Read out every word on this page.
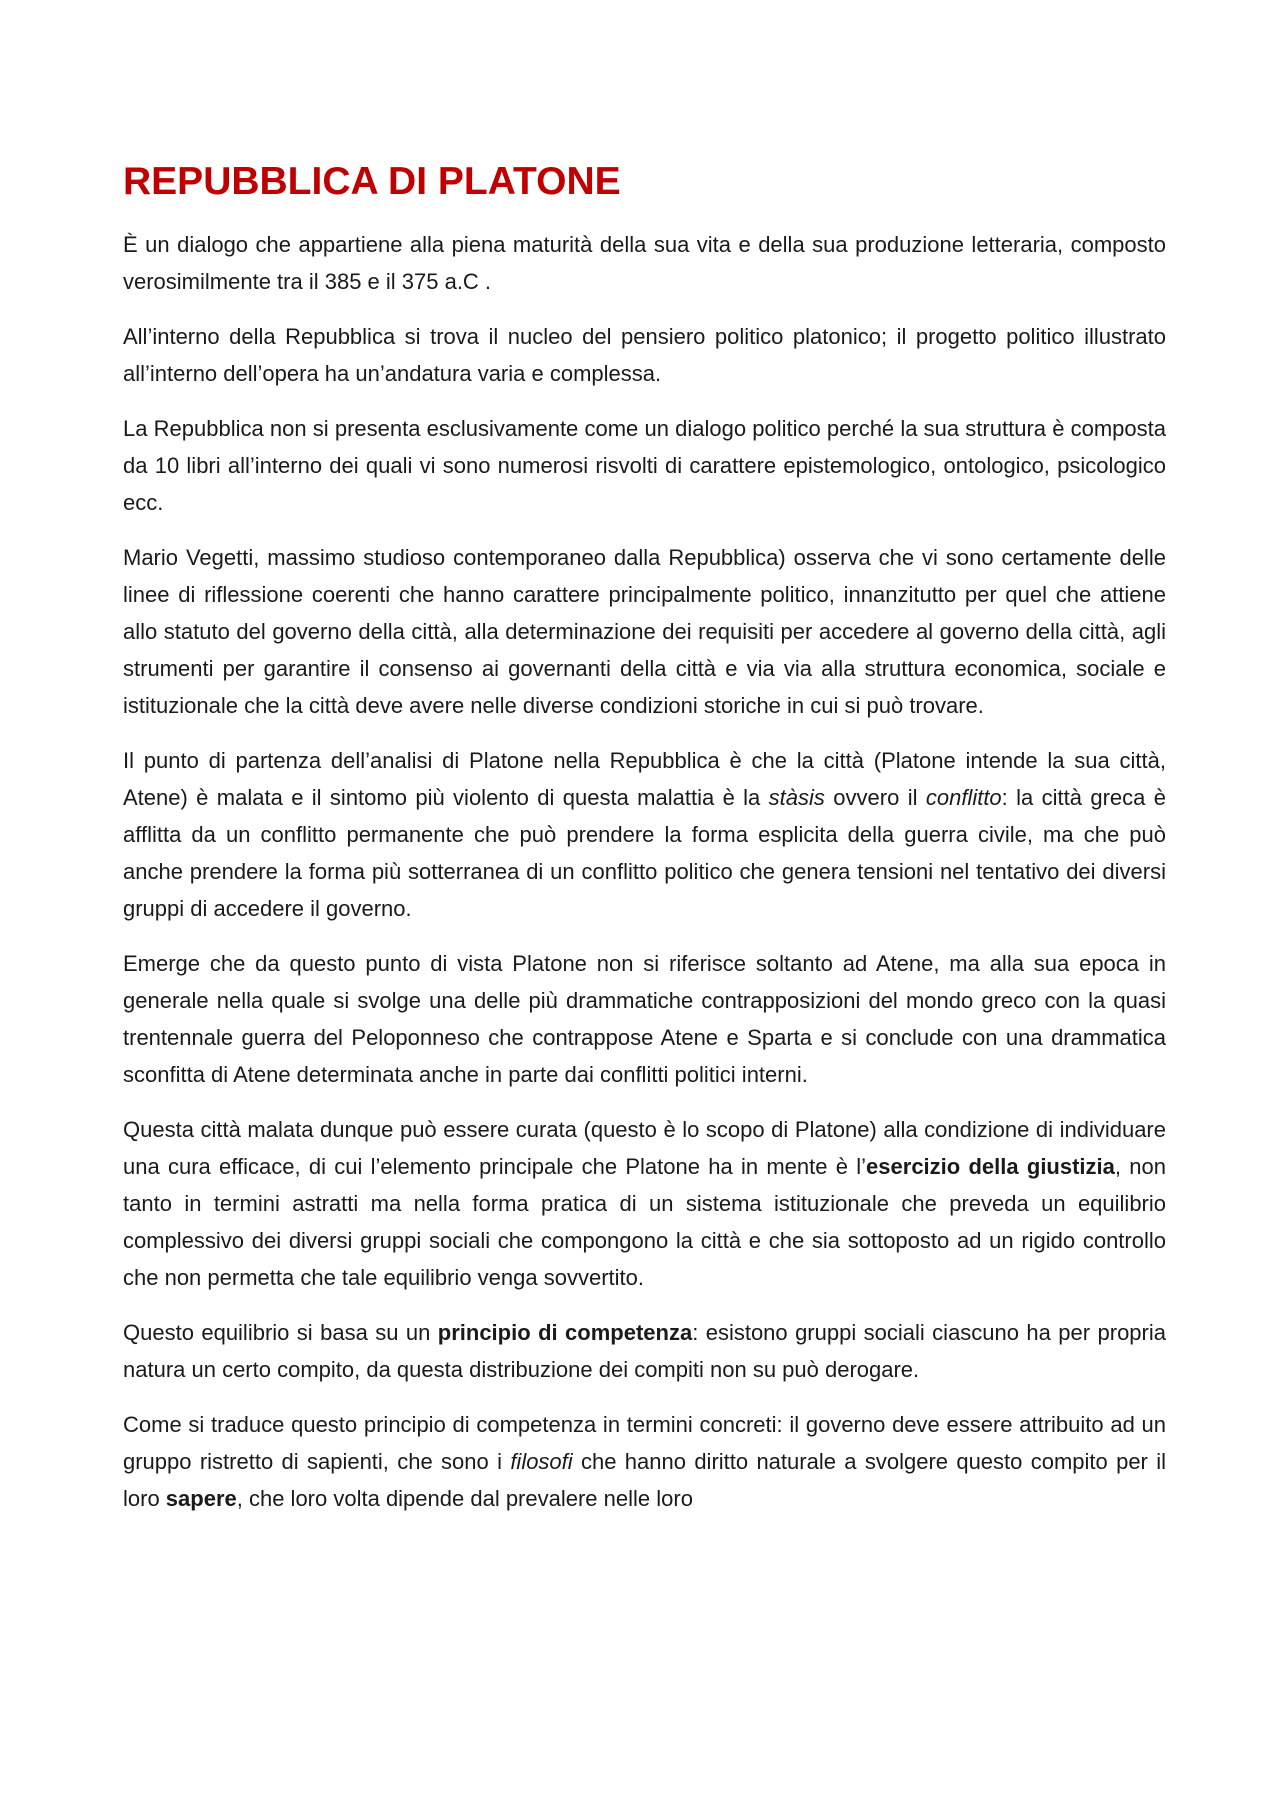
REPUBBLICA DI PLATONE

È un dialogo che appartiene alla piena maturità della sua vita e della sua produzione letteraria, composto verosimilmente tra il 385 e il 375 a.C .

All’interno della Repubblica si trova il nucleo del pensiero politico platonico; il progetto politico illustrato all’interno dell’opera ha un’andatura varia e complessa.

La Repubblica non si presenta esclusivamente come un dialogo politico perché la sua struttura è composta da 10 libri all’interno dei quali vi sono numerosi risvolti di carattere epistemologico, ontologico, psicologico ecc.

Mario Vegetti, massimo studioso contemporaneo dalla Repubblica) osserva che vi sono certamente delle linee di riflessione coerenti che hanno carattere principalmente politico, innanzitutto per quel che attiene allo statuto del governo della città, alla determinazione dei requisiti per accedere al governo della città, agli strumenti per garantire il consenso ai governanti della città e via via alla struttura economica, sociale e istituzionale che la città deve avere nelle diverse condizioni storiche in cui si può trovare.

Il punto di partenza dell’analisi di Platone nella Repubblica è che la città (Platone intende la sua città, Atene) è malata e il sintomo più violento di questa malattia è la stàsis ovvero il conflitto: la città greca è afflitta da un conflitto permanente che può prendere la forma esplicita della guerra civile, ma che può anche prendere la forma più sotterranea di un conflitto politico che genera tensioni nel tentativo dei diversi gruppi di accedere il governo.

Emerge che da questo punto di vista Platone non si riferisce soltanto ad Atene, ma alla sua epoca in generale nella quale si svolge una delle più drammatiche contrapposizioni del mondo greco con la quasi trentennale guerra del Peloponneso che contrappose Atene e Sparta e si conclude con una drammatica sconfitta di Atene determinata anche in parte dai conflitti politici interni.

Questa città malata dunque può essere curata (questo è lo scopo di Platone) alla condizione di individuare una cura efficace, di cui l’elemento principale che Platone ha in mente è l’esercizio della giustizia, non tanto in termini astratti ma nella forma pratica di un sistema istituzionale che preveda un equilibrio complessivo dei diversi gruppi sociali che compongono la città e che sia sottoposto ad un rigido controllo che non permetta che tale equilibrio venga sovvertito.

Questo equilibrio si basa su un principio di competenza: esistono gruppi sociali ciascuno ha per propria natura un certo compito, da questa distribuzione dei compiti non su può derogare.

Come si traduce questo principio di competenza in termini concreti: il governo deve essere attribuito ad un gruppo ristretto di sapienti, che sono i filosofi che hanno diritto naturale a svolgere questo compito per il loro sapere, che loro volta dipende dal prevalere nelle loro
